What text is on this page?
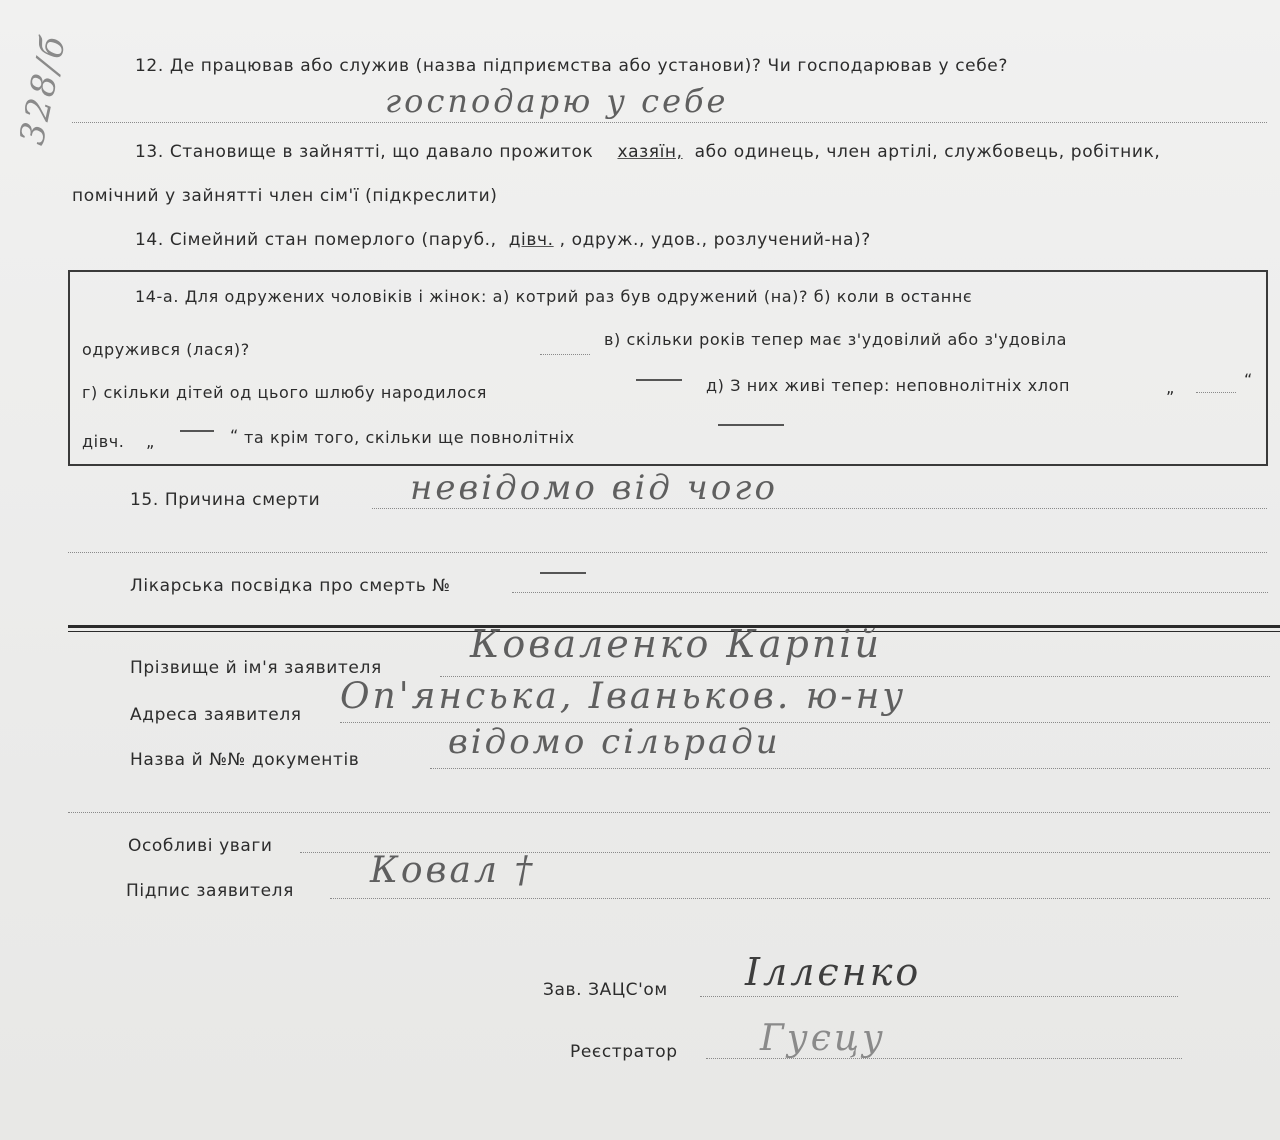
328/б	12. Де працював або служив (назва підприємства або установи)? Чи господарював у себе?
господарю у себе
13. Становище в зайнятті, що давало прожиток хазяїн, або одинець, член артілі, службовець, робітник,
помічний у зайнятті член сім'ї (підкреслити)
14. Сімейний стан померлого (паруб., дівч. , одруж., удов., розлучений-на)?
14-а. Для одружених чоловіків і жінок: а) котрий раз був одружений (на)? б) коли в останнє
одружився (лася)?
в) скільки років тепер має з'удовілий або з'удовіла
г) скільки дітей од цього шлюбу народилося	д) З них живі тепер: неповнолітніх хлоп	„	“
дівч. „	“ та крім того, скільки ще повнолітніх
15. Причина смерти	невідомо від чого
Лікарська посвідка про смерть №
Прізвище й ім'я заявителя
Коваленко Карпій
Адреса заявителя Оп'янська, Іваньков. ю-ну
Назва й №№ документів	відомо сільради
Особливі уваги
Підпис заявителя Ковал †
Зав. ЗАЦС'ом Іллєнко
Реєстратор Гуєцу
